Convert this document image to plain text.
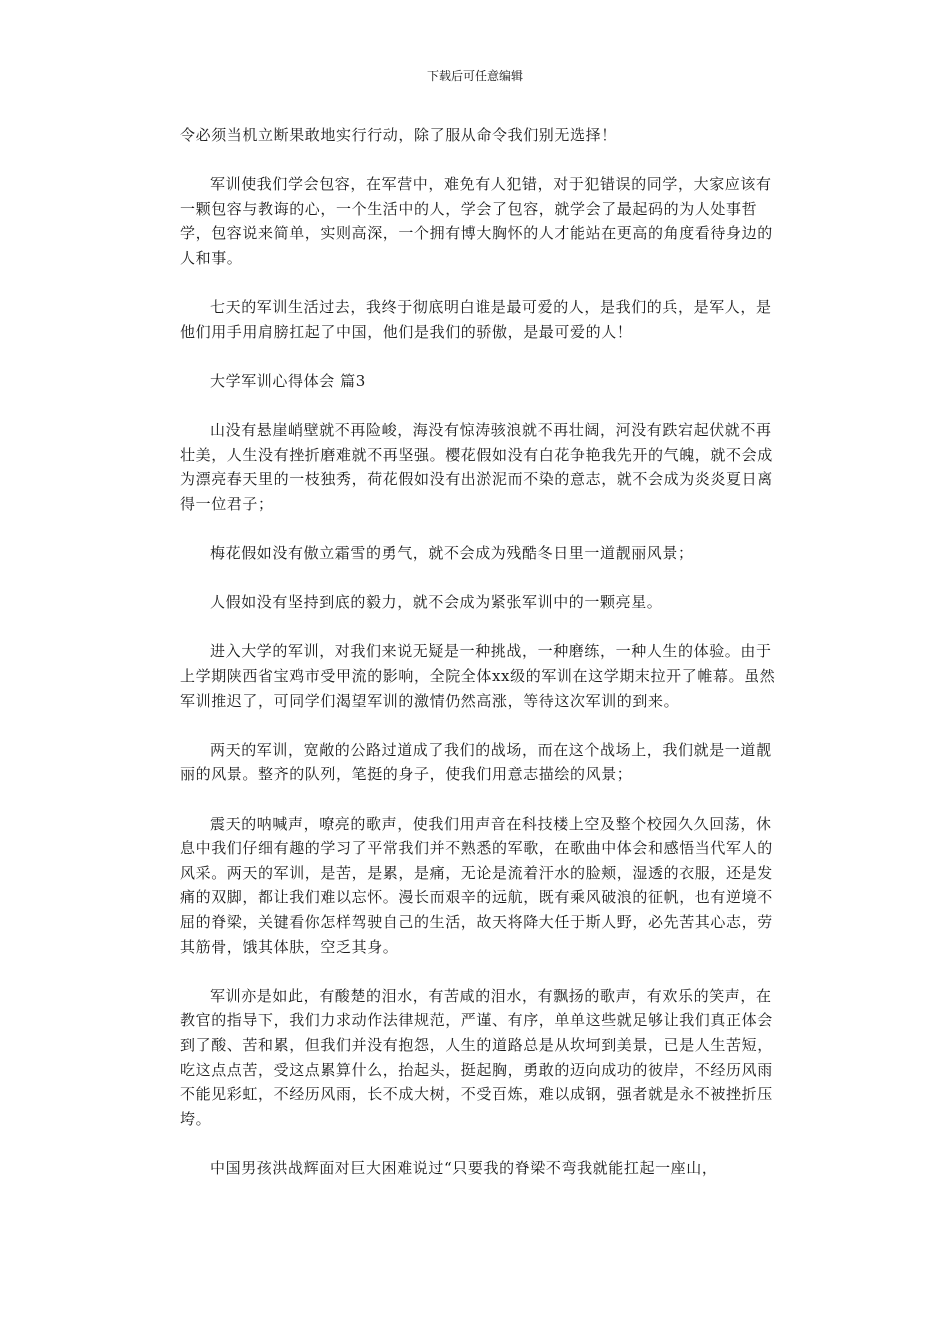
下载后可任意编辑

令必须当机立断果敢地实行行动，除了服从命令我们别无选择！

军训使我们学会包容，在军营中，难免有人犯错，对于犯错误的同学，大家应该有一颗包容与教诲的心，一个生活中的人，学会了包容，就学会了最起码的为人处事哲学，包容说来简单，实则高深，一个拥有博大胸怀的人才能站在更高的角度看待身边的人和事。

七天的军训生活过去，我终于彻底明白谁是最可爱的人，是我们的兵，是军人，是他们用手用肩膀扛起了中国，他们是我们的骄傲，是最可爱的人！

大学军训心得体会 篇3

山没有悬崖峭壁就不再险峻，海没有惊涛骇浪就不再壮阔，河没有跌宕起伏就不再壮美，人生没有挫折磨难就不再坚强。樱花假如没有白花争艳我先开的气魄，就不会成为漂亮春天里的一枝独秀，荷花假如没有出淤泥而不染的意志，就不会成为炎炎夏日离得一位君子；

梅花假如没有傲立霜雪的勇气，就不会成为残酷冬日里一道靓丽风景；

人假如没有坚持到底的毅力，就不会成为紧张军训中的一颗亮星。

进入大学的军训，对我们来说无疑是一种挑战，一种磨练，一种人生的体验。由于上学期陕西省宝鸡市受甲流的影响，全院全体xx级的军训在这学期末拉开了帷幕。虽然军训推迟了，可同学们渴望军训的激情仍然高涨，等待这次军训的到来。

两天的军训，宽敞的公路过道成了我们的战场，而在这个战场上，我们就是一道靓丽的风景。整齐的队列，笔挺的身子，使我们用意志描绘的风景；

震天的呐喊声，嘹亮的歌声，使我们用声音在科技楼上空及整个校园久久回荡，休息中我们仔细有趣的学习了平常我们并不熟悉的军歌，在歌曲中体会和感悟当代军人的风采。两天的军训，是苦，是累，是痛，无论是流着汗水的脸颊，湿透的衣服，还是发痛的双脚，都让我们难以忘怀。漫长而艰辛的远航，既有乘风破浪的征帆，也有逆境不屈的脊梁，关键看你怎样驾驶自己的生活，故天将降大任于斯人野，必先苦其心志，劳其筋骨，饿其体肤，空乏其身。

军训亦是如此，有酸楚的泪水，有苦咸的泪水，有飘扬的歌声，有欢乐的笑声，在教官的指导下，我们力求动作法律规范，严谨、有序，单单这些就足够让我们真正体会到了酸、苦和累，但我们并没有抱怨，人生的道路总是从坎坷到美景，已是人生苦短，吃这点点苦，受这点累算什么，抬起头，挺起胸，勇敢的迈向成功的彼岸，不经历风雨不能见彩虹，不经历风雨，长不成大树，不受百炼，难以成钢，强者就是永不被挫折压垮。

中国男孩洪战辉面对巨大困难说过“只要我的脊梁不弯我就能扛起一座山，
